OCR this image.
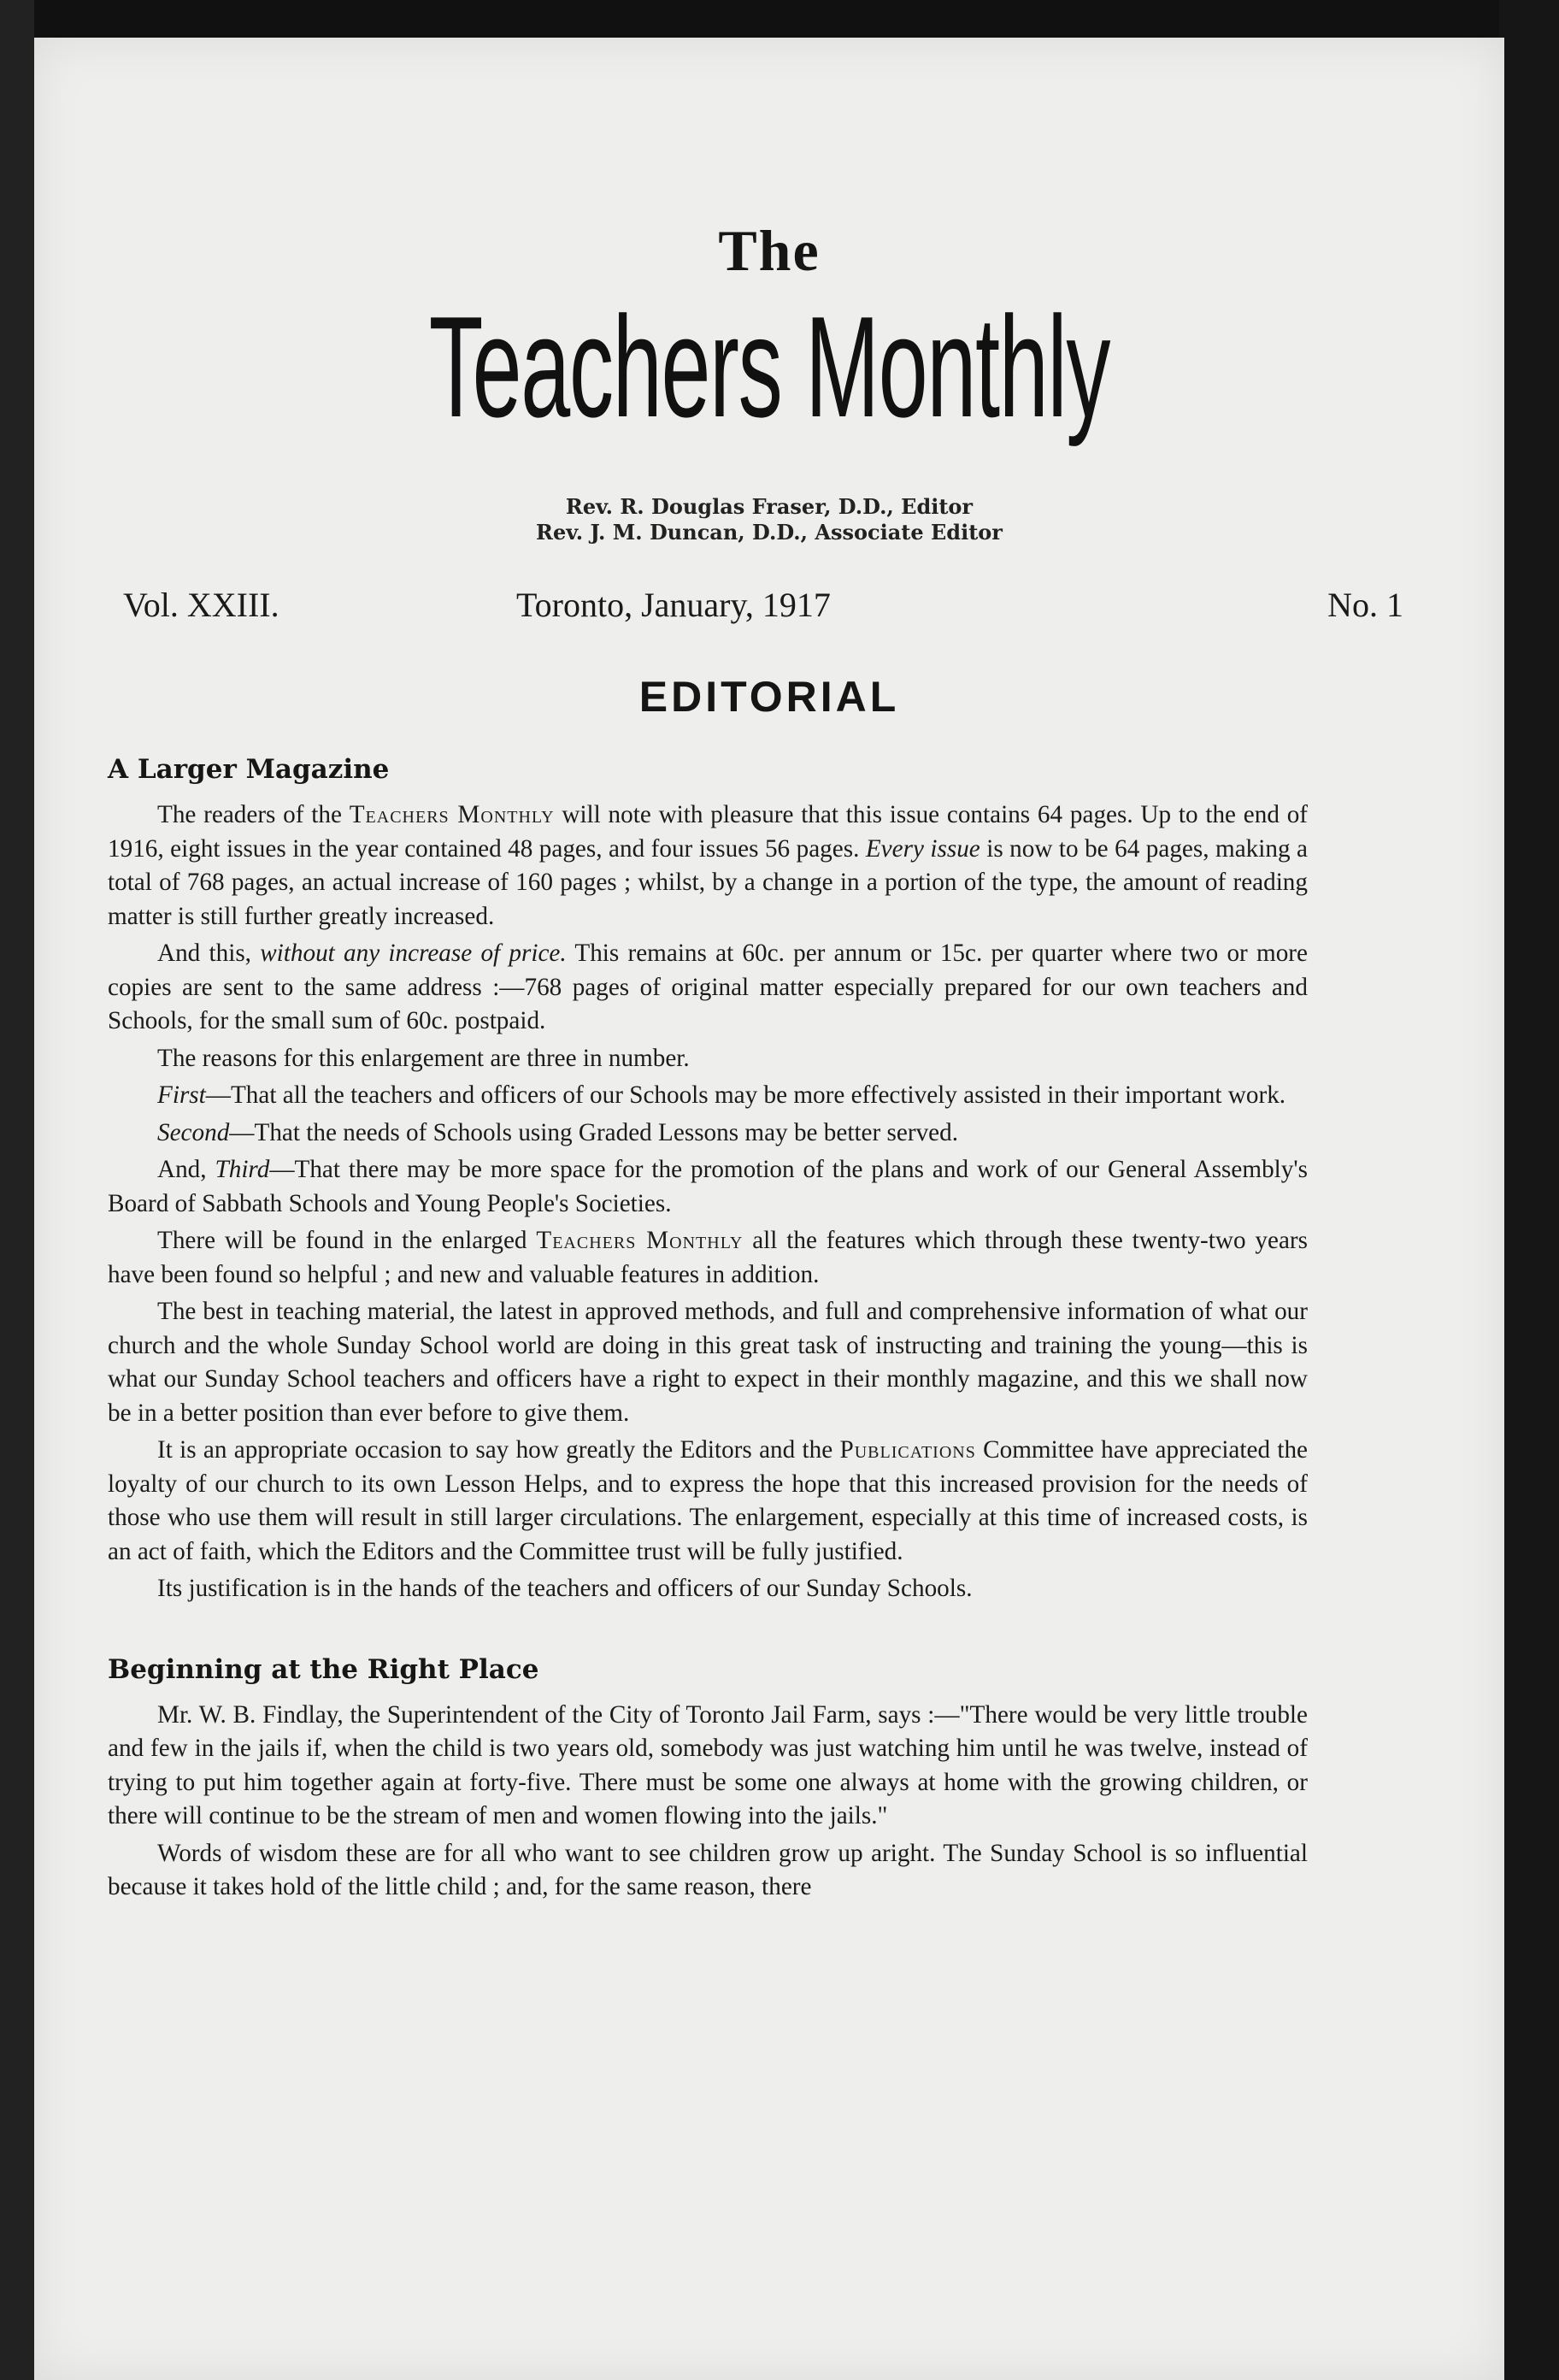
The
Teachers Monthly
Rev. R. Douglas Fraser, D.D., Editor
Rev. J. M. Duncan, D.D., Associate Editor
Vol. XXIII.	Toronto, January, 1917	No. 1
EDITORIAL
A Larger Magazine

The readers of the Teachers Monthly will note with pleasure that this issue contains 64 pages. Up to the end of 1916, eight issues in the year contained 48 pages, and four issues 56 pages. Every issue is now to be 64 pages, making a total of 768 pages, an actual increase of 160 pages ; whilst, by a change in a portion of the type, the amount of reading matter is still further greatly increased.

And this, without any increase of price. This remains at 60c. per annum or 15c. per quarter where two or more copies are sent to the same address :—768 pages of original matter especially prepared for our own teachers and Schools, for the small sum of 60c. postpaid.

The reasons for this enlargement are three in number.

First—That all the teachers and officers of our Schools may be more effectively assisted in their important work.

Second—That the needs of Schools using Graded Lessons may be better served.

And, Third—That there may be more space for the promotion of the plans and work of our General Assembly's Board of Sabbath Schools and Young People's Societies.

There will be found in the enlarged Teachers Monthly all the features which through these twenty-two years have been found so helpful ; and new and valuable features in addition.

The best in teaching material, the latest in approved methods, and full and comprehensive information of what our church and the whole Sunday School world are doing in this great task of instructing and training the young—this is what our Sunday School teachers and officers have a right to expect in their monthly magazine, and this we shall now be in a better position than ever before to give them.

It is an appropriate occasion to say how greatly the Editors and the Publications Committee have appreciated the loyalty of our church to its own Lesson Helps, and to express the hope that this increased provision for the needs of those who use them will result in still larger circulations. The enlargement, especially at this time of increased costs, is an act of faith, which the Editors and the Committee trust will be fully justified.

Its justification is in the hands of the teachers and officers of our Sunday Schools.

Beginning at the Right Place

Mr. W. B. Findlay, the Superintendent of the City of Toronto Jail Farm, says :—"There would be very little trouble and few in the jails if, when the child is two years old, somebody was just watching him until he was twelve, instead of trying to put him together again at forty-five. There must be some one always at home with the growing children, or there will continue to be the stream of men and women flowing into the jails."

Words of wisdom these are for all who want to see children grow up aright. The Sunday School is so influential because it takes hold of the little child ; and, for the same reason, there
